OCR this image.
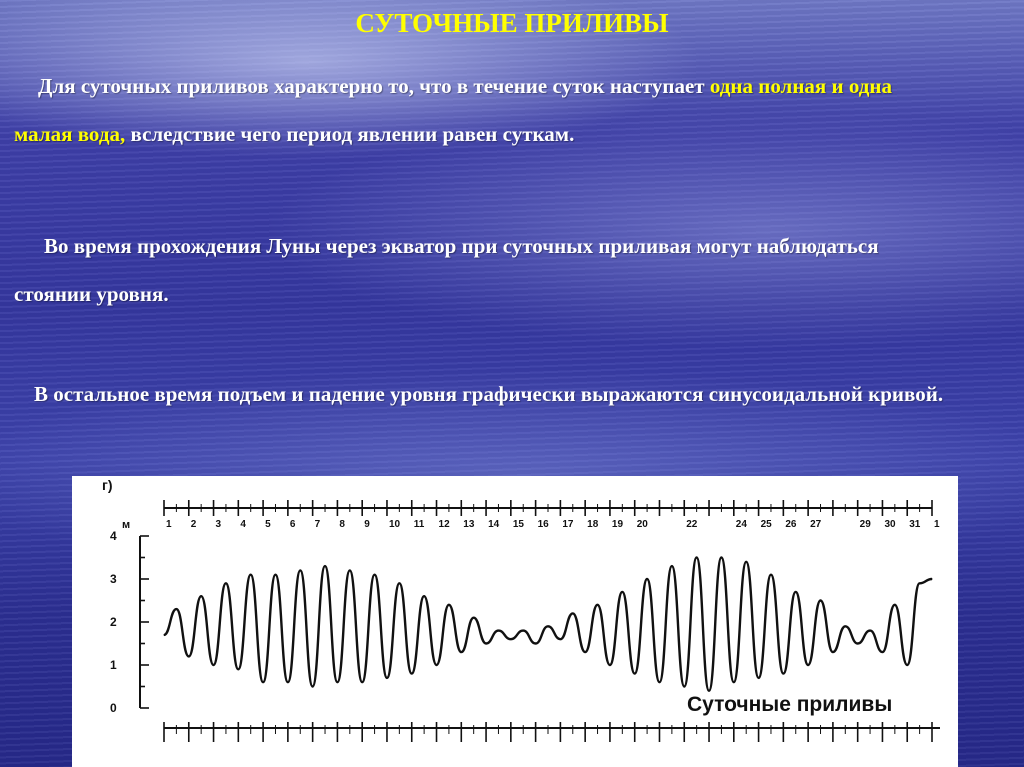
СУТОЧНЫЕ ПРИЛИВЫ
Для суточных приливов характерно то, что в течение суток наступает одна полная и одна малая вода, вследствие чего период явлении равен суткам.
Во время прохождения Луны через экватор при суточных приливая могут наблюдаться стоянии уровня.
В остальное время подъем и падение уровня графически выражаются синусоидальной кривой.
1 2 3 4 5 6 7 8 9 10 11 12 13 14 15 16 17 18 19 20	22	24 25 26 27	29 30 31 1
0
1
2
3
4
г)
м
Суточные приливы
